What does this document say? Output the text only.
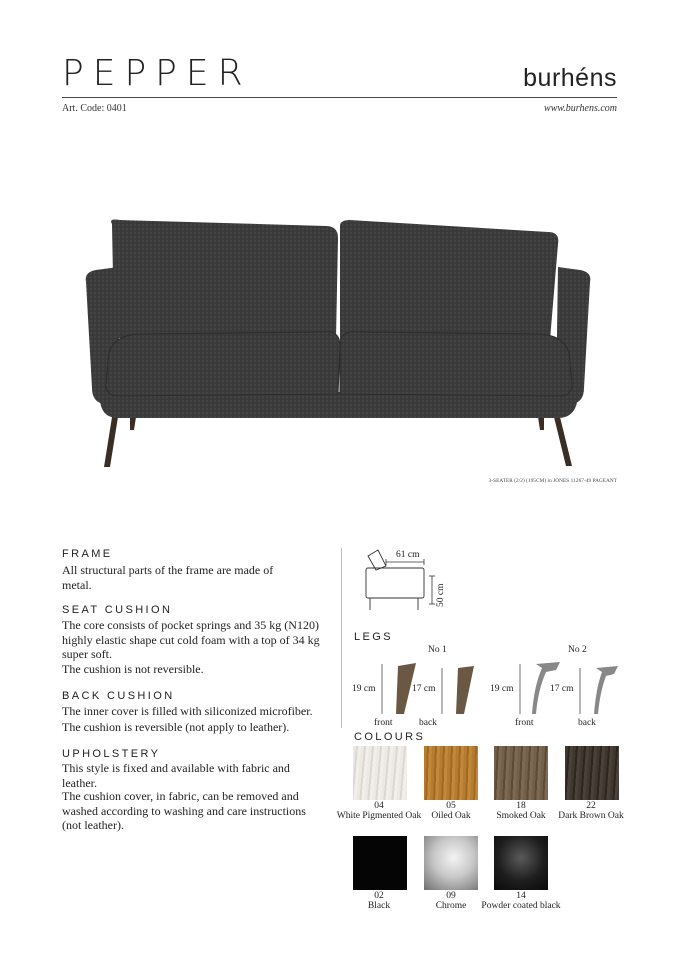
PEPPER	burhéns
Art. Code: 0401	www.burhens.com
3-SEATER (2/2) (195CM) in JONES 11267-49 PAGEANT
FRAME
All structural parts of the frame are made of metal.
SEAT CUSHION
The core consists of pocket springs and 35 kg (N120) highly elastic shape cut cold foam with a top of 34 kg super soft.
The cushion is not reversible.
BACK CUSHION
The inner cover is filled with siliconized microfiber.
The cushion is reversible (not apply to leather).
UPHOLSTERY
This style is fixed and available with fabric and leather.
The cushion cover, in fabric, can be removed and washed according to washing and care instructions (not leather).
61 cm
50 cm
LEGS
No 1	No 2
19 cm	17 cm	19 cm	17 cm
front	back	front	back
COLOURS
04
White Pigmented Oak
05
Oiled Oak
18
Smoked Oak
22
Dark Brown Oak
02
Black
09
Chrome
14
Powder coated black
